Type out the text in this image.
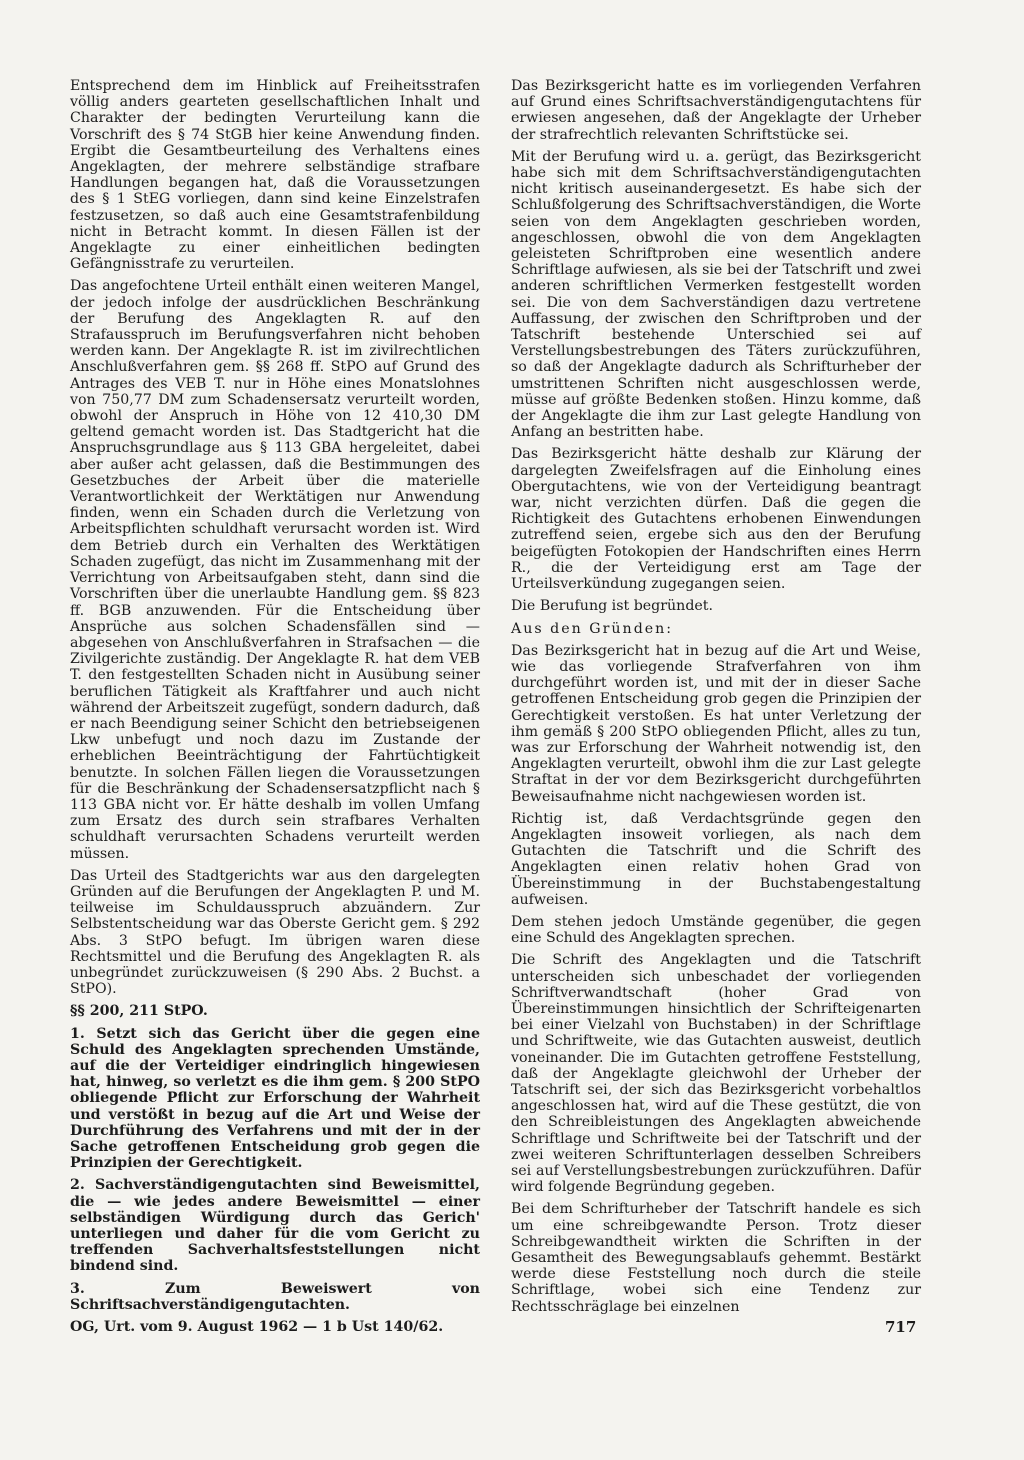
Entsprechend dem im Hinblick auf Freiheitsstrafen völlig anders gearteten gesellschaftlichen Inhalt und Charakter der bedingten Verurteilung kann die Vorschrift des § 74 StGB hier keine Anwendung finden. Ergibt die Gesamtbeurteilung des Verhaltens eines Angeklagten, der mehrere selbständige strafbare Handlungen begangen hat, daß die Voraussetzungen des § 1 StEG vorliegen, dann sind keine Einzelstrafen festzusetzen, so daß auch eine Gesamtstrafenbildung nicht in Betracht kommt. In diesen Fällen ist der Angeklagte zu einer einheitlichen bedingten Gefängnisstrafe zu verurteilen.

Das angefochtene Urteil enthält einen weiteren Mangel, der jedoch infolge der ausdrücklichen Beschränkung der Berufung des Angeklagten R. auf den Strafausspruch im Berufungsverfahren nicht behoben werden kann. Der Angeklagte R. ist im zivilrechtlichen Anschlußverfahren gem. §§ 268 ff. StPO auf Grund des Antrages des VEB T. nur in Höhe eines Monatslohnes von 750,77 DM zum Schadensersatz verurteilt worden, obwohl der Anspruch in Höhe von 12 410,30 DM geltend gemacht worden ist. Das Stadtgericht hat die Anspruchsgrundlage aus § 113 GBA hergeleitet, dabei aber außer acht gelassen, daß die Bestimmungen des Gesetzbuches der Arbeit über die materielle Verantwortlichkeit der Werktätigen nur Anwendung finden, wenn ein Schaden durch die Verletzung von Arbeitspflichten schuldhaft verursacht worden ist. Wird dem Betrieb durch ein Verhalten des Werktätigen Schaden zugefügt, das nicht im Zusammenhang mit der Verrichtung von Arbeitsaufgaben steht, dann sind die Vorschriften über die unerlaubte Handlung gem. §§ 823 ff. BGB anzuwenden. Für die Entscheidung über Ansprüche aus solchen Schadensfällen sind — abgesehen von Anschlußverfahren in Strafsachen — die Zivilgerichte zuständig. Der Angeklagte R. hat dem VEB T. den festgestellten Schaden nicht in Ausübung seiner beruflichen Tätigkeit als Kraftfahrer und auch nicht während der Arbeitszeit zugefügt, sondern dadurch, daß er nach Beendigung seiner Schicht den betriebseigenen Lkw unbefugt und noch dazu im Zustande der erheblichen Beeinträchtigung der Fahrtüchtigkeit benutzte. In solchen Fällen liegen die Voraussetzungen für die Beschränkung der Schadensersatzpflicht nach § 113 GBA nicht vor. Er hätte deshalb im vollen Umfang zum Ersatz des durch sein strafbares Verhalten schuldhaft verursachten Schadens verurteilt werden müssen.

Das Urteil des Stadtgerichts war aus den dargelegten Gründen auf die Berufungen der Angeklagten P. und M. teilweise im Schuldausspruch abzuändern. Zur Selbstentscheidung war das Oberste Gericht gem. § 292 Abs. 3 StPO befugt. Im übrigen waren diese Rechtsmittel und die Berufung des Angeklagten R. als unbegründet zurückzuweisen (§ 290 Abs. 2 Buchst. a StPO).

§§ 200, 211 StPO.

1. Setzt sich das Gericht über die gegen eine Schuld des Angeklagten sprechenden Umstände, auf die der Verteidiger eindringlich hingewiesen hat, hinweg, so verletzt es die ihm gem. § 200 StPO obliegende Pflicht zur Erforschung der Wahrheit und verstößt in bezug auf die Art und Weise der Durchführung des Verfahrens und mit der in der Sache getroffenen Entscheidung grob gegen die Prinzipien der Gerechtigkeit.

2. Sachverständigengutachten sind Beweismittel, die — wie jedes andere Beweismittel — einer selbständigen Würdigung durch das Gerich' unterliegen und daher für die vom Gericht zu treffenden Sachverhaltsfeststellungen nicht bindend sind.

3. Zum Beweiswert von Schriftsachverständigengutachten.

OG, Urt. vom 9. August 1962 — 1 b Ust 140/62.

Das Bezirksgericht hatte es im vorliegenden Verfahren auf Grund eines Schriftsachverständigengutachtens für erwiesen angesehen, daß der Angeklagte der Urheber der strafrechtlich relevanten Schriftstücke sei.

Mit der Berufung wird u. a. gerügt, das Bezirksgericht habe sich mit dem Schriftsachverständigengutachten nicht kritisch auseinandergesetzt. Es habe sich der Schlußfolgerung des Schriftsachverständigen, die Worte seien von dem Angeklagten geschrieben worden, angeschlossen, obwohl die von dem Angeklagten geleisteten Schriftproben eine wesentlich andere Schriftlage aufwiesen, als sie bei der Tatschrift und zwei anderen schriftlichen Vermerken festgestellt worden sei. Die von dem Sachverständigen dazu vertretene Auffassung, der zwischen den Schriftproben und der Tatschrift bestehende Unterschied sei auf Verstellungsbestrebungen des Täters zurückzuführen, so daß der Angeklagte dadurch als Schrifturheber der umstrittenen Schriften nicht ausgeschlossen werde, müsse auf größte Bedenken stoßen. Hinzu komme, daß der Angeklagte die ihm zur Last gelegte Handlung von Anfang an bestritten habe.

Das Bezirksgericht hätte deshalb zur Klärung der dargelegten Zweifelsfragen auf die Einholung eines Obergutachtens, wie von der Verteidigung beantragt war, nicht verzichten dürfen. Daß die gegen die Richtigkeit des Gutachtens erhobenen Einwendungen zutreffend seien, ergebe sich aus den der Berufung beigefügten Fotokopien der Handschriften eines Herrn R., die der Verteidigung erst am Tage der Urteilsverkündung zugegangen seien.

Die Berufung ist begründet.

Aus den Gründen:

Das Bezirksgericht hat in bezug auf die Art und Weise, wie das vorliegende Strafverfahren von ihm durchgeführt worden ist, und mit der in dieser Sache getroffenen Entscheidung grob gegen die Prinzipien der Gerechtigkeit verstoßen. Es hat unter Verletzung der ihm gemäß § 200 StPO obliegenden Pflicht, alles zu tun, was zur Erforschung der Wahrheit notwendig ist, den Angeklagten verurteilt, obwohl ihm die zur Last gelegte Straftat in der vor dem Bezirksgericht durchgeführten Beweisaufnahme nicht nachgewiesen worden ist.

Richtig ist, daß Verdachtsgründe gegen den Angeklagten insoweit vorliegen, als nach dem Gutachten die Tatschrift und die Schrift des Angeklagten einen relativ hohen Grad von Übereinstimmung in der Buchstabengestaltung aufweisen.

Dem stehen jedoch Umstände gegenüber, die gegen eine Schuld des Angeklagten sprechen.

Die Schrift des Angeklagten und die Tatschrift unterscheiden sich unbeschadet der vorliegenden Schriftverwandtschaft (hoher Grad von Übereinstimmungen hinsichtlich der Schrifteigenarten bei einer Vielzahl von Buchstaben) in der Schriftlage und Schriftweite, wie das Gutachten ausweist, deutlich voneinander. Die im Gutachten getroffene Feststellung, daß der Angeklagte gleichwohl der Urheber der Tatschrift sei, der sich das Bezirksgericht vorbehaltlos angeschlossen hat, wird auf die These gestützt, die von den Schreibleistungen des Angeklagten abweichende Schriftlage und Schriftweite bei der Tatschrift und der zwei weiteren Schriftunterlagen desselben Schreibers sei auf Verstellungsbestrebungen zurückzuführen. Dafür wird folgende Begründung gegeben.

Bei dem Schrifturheber der Tatschrift handele es sich um eine schreibgewandte Person. Trotz dieser Schreibgewandtheit wirkten die Schriften in der Gesamtheit des Bewegungsablaufs gehemmt. Bestärkt werde diese Feststellung noch durch die steile Schriftlage, wobei sich eine Tendenz zur Rechtsschräglage bei einzelnen

717
